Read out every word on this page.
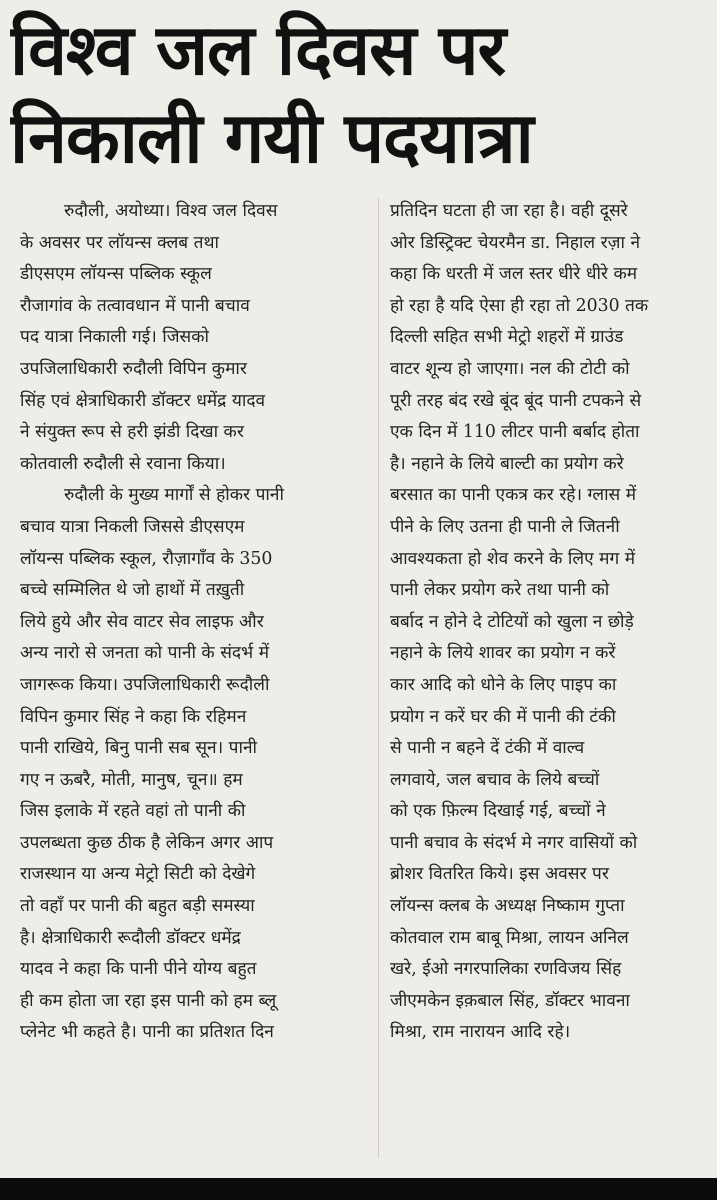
विश्व जल दिवस पर
निकाली गयी पदयात्रा
रुदौली, अयोध्या। विश्व जल दिवस
के अवसर पर लॉयन्स क्लब तथा
डीएसएम लॉयन्स पब्लिक स्कूल
रौजागांव के तत्वावधान में पानी बचाव
पद यात्रा निकाली गई। जिसको
उपजिलाधिकारी रुदौली विपिन कुमार
सिंह एवं क्षेत्राधिकारी डॉक्टर धमेंद्र यादव
ने संयुक्त रूप से हरी झंडी दिखा कर
कोतवाली रुदौली से रवाना किया।
रुदौली के मुख्य मार्गों से होकर पानी
बचाव यात्रा निकली जिससे डीएसएम
लॉयन्स पब्लिक स्कूल, रौज़ागाँव के 350
बच्चे सम्मिलित थे जो हाथों में तख़ुती
लिये हुये और सेव वाटर सेव लाइफ और
अन्य नारो से जनता को पानी के संदर्भ में
जागरूक किया। उपजिलाधिकारी रूदौली
विपिन कुमार सिंह ने कहा कि रहिमन
पानी राखिये, बिनु पानी सब सून। पानी
गए न ऊबरै, मोती, मानुष, चून॥ हम
जिस इलाके में रहते वहां तो पानी की
उपलब्धता कुछ ठीक है लेकिन अगर आप
राजस्थान या अन्य मेट्रो सिटी को देखेगे
तो वहाँ पर पानी की बहुत बड़ी समस्या
है। क्षेत्राधिकारी रूदौली डॉक्टर धमेंद्र
यादव ने कहा कि पानी पीने योग्य बहुत
ही कम होता जा रहा इस पानी को हम ब्लू
प्लेनेट भी कहते है। पानी का प्रतिशत दिन
प्रतिदिन घटता ही जा रहा है। वही दूसरे
ओर डिस्ट्रिक्ट चेयरमैन डा. निहाल रज़ा ने
कहा कि धरती में जल स्तर धीरे धीरे कम
हो रहा है यदि ऐसा ही रहा तो 2030 तक
दिल्ली सहित सभी मेट्रो शहरों में ग्राउंड
वाटर शून्य हो जाएगा। नल की टोटी को
पूरी तरह बंद रखे बूंद बूंद पानी टपकने से
एक दिन में 110 लीटर पानी बर्बाद होता
है। नहाने के लिये बाल्टी का प्रयोग करे
बरसात का पानी एकत्र कर रहे। ग्लास में
पीने के लिए उतना ही पानी ले जितनी
आवश्यकता हो शेव करने के लिए मग में
पानी लेकर प्रयोग करे तथा पानी को
बर्बाद न होने दे टोटियों को खुला न छोड़े
नहाने के लिये शावर का प्रयोग न करें
कार आदि को धोने के लिए पाइप का
प्रयोग न करें घर की में पानी की टंकी
से पानी न बहने दें टंकी में वाल्व
लगवाये, जल बचाव के लिये बच्चों
को एक फ़िल्म दिखाई गई, बच्चों ने
पानी बचाव के संदर्भ मे नगर वासियों को
ब्रोशर वितरित किये। इस अवसर पर
लॉयन्स क्लब के अध्यक्ष निष्काम गुप्ता
कोतवाल राम बाबू मिश्रा, लायन अनिल
खरे, ईओ नगरपालिका रणविजय सिंह
जीएमकेन इक़बाल सिंह, डॉक्टर भावना
मिश्रा, राम नारायन आदि रहे।
